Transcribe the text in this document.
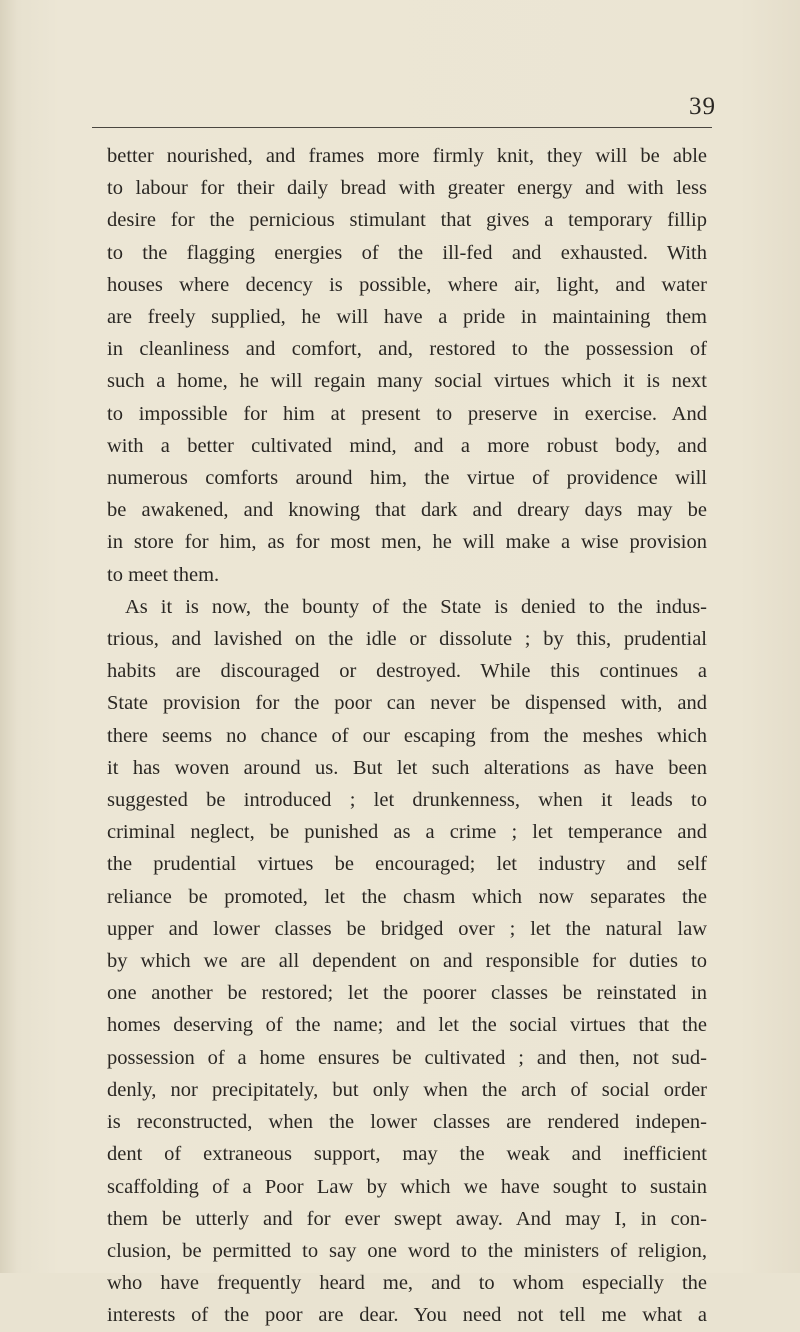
39
better nourished, and frames more firmly knit, they will be able
to labour for their daily bread with greater energy and with less
desire for the pernicious stimulant that gives a temporary fillip
to the flagging energies of the ill-fed and exhausted. With
houses where decency is possible, where air, light, and water
are freely supplied, he will have a pride in maintaining them
in cleanliness and comfort, and, restored to the possession of
such a home, he will regain many social virtues which it is next
to impossible for him at present to preserve in exercise. And
with a better cultivated mind, and a more robust body, and
numerous comforts around him, the virtue of providence will
be awakened, and knowing that dark and dreary days may be
in store for him, as for most men, he will make a wise provision
to meet them.
As it is now, the bounty of the State is denied to the indus-
trious, and lavished on the idle or dissolute ; by this, prudential
habits are discouraged or destroyed. While this continues a
State provision for the poor can never be dispensed with, and
there seems no chance of our escaping from the meshes which
it has woven around us. But let such alterations as have been
suggested be introduced ; let drunkenness, when it leads to
criminal neglect, be punished as a crime ; let temperance and
the prudential virtues be encouraged; let industry and self
reliance be promoted, let the chasm which now separates the
upper and lower classes be bridged over ; let the natural law
by which we are all dependent on and responsible for duties to
one another be restored; let the poorer classes be reinstated in
homes deserving of the name; and let the social virtues that the
possession of a home ensures be cultivated ; and then, not sud-
denly, nor precipitately, but only when the arch of social order
is reconstructed, when the lower classes are rendered indepen-
dent of extraneous support, may the weak and inefficient
scaffolding of a Poor Law by which we have sought to sustain
them be utterly and for ever swept away. And may I, in con-
clusion, be permitted to say one word to the ministers of religion,
who have frequently heard me, and to whom especially the
interests of the poor are dear. You need not tell me what a
